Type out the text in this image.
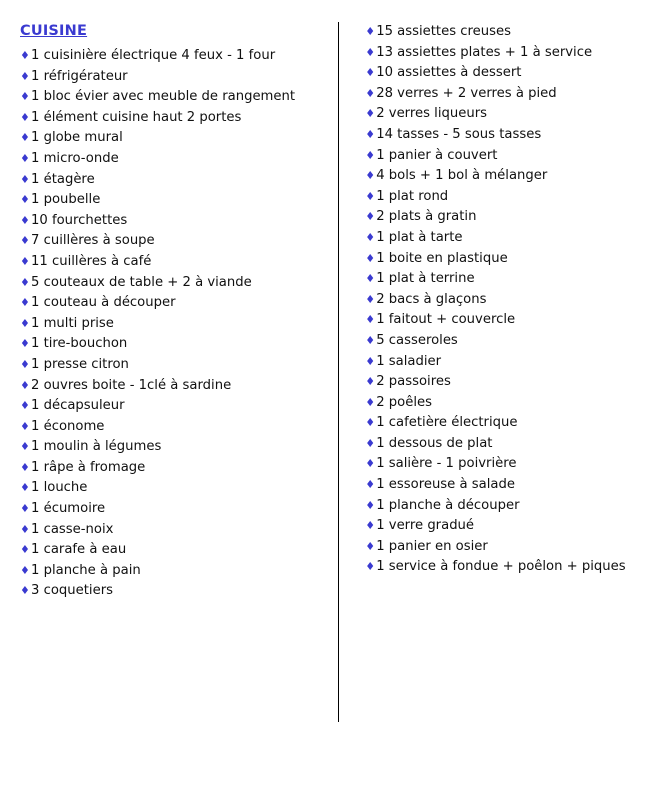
CUISINE
♦ 1 cuisinière électrique 4 feux - 1 four
♦ 1 réfrigérateur
♦ 1 bloc évier avec meuble de rangement
♦ 1 élément cuisine haut 2 portes
♦ 1 globe mural
♦ 1 micro-onde
♦ 1 étagère
♦ 1 poubelle
♦ 10 fourchettes
♦ 7 cuillères à soupe
♦ 11 cuillères à café
♦ 5 couteaux de table + 2 à viande
♦ 1 couteau à découper
♦ 1 multi prise
♦ 1 tire-bouchon
♦ 1 presse citron
♦ 2 ouvres boite - 1clé à sardine
♦ 1 décapsuleur
♦ 1 économe
♦ 1 moulin à légumes
♦ 1 râpe à fromage
♦ 1 louche
♦ 1 écumoire
♦ 1 casse-noix
♦ 1 carafe à eau
♦ 1 planche à pain
♦ 3 coquetiers
♦ 15 assiettes creuses
♦ 13 assiettes plates + 1 à service
♦ 10 assiettes à dessert
♦ 28 verres + 2 verres à pied
♦ 2 verres liqueurs
♦ 14 tasses - 5 sous tasses
♦ 1 panier à couvert
♦ 4 bols + 1 bol à mélanger
♦ 1 plat rond
♦ 2 plats à gratin
♦ 1 plat à tarte
♦ 1 boite en plastique
♦ 1 plat à terrine
♦ 2 bacs à glaçons
♦ 1 faitout + couvercle
♦ 5 casseroles
♦ 1 saladier
♦ 2 passoires
♦ 2 poêles
♦ 1 cafetière électrique
♦ 1 dessous de plat
♦ 1 salière - 1 poivrière
♦ 1 essoreuse à salade
♦ 1 planche à découper
♦ 1 verre gradué
♦ 1 panier en osier
♦ 1 service à fondue + poêlon + piques
